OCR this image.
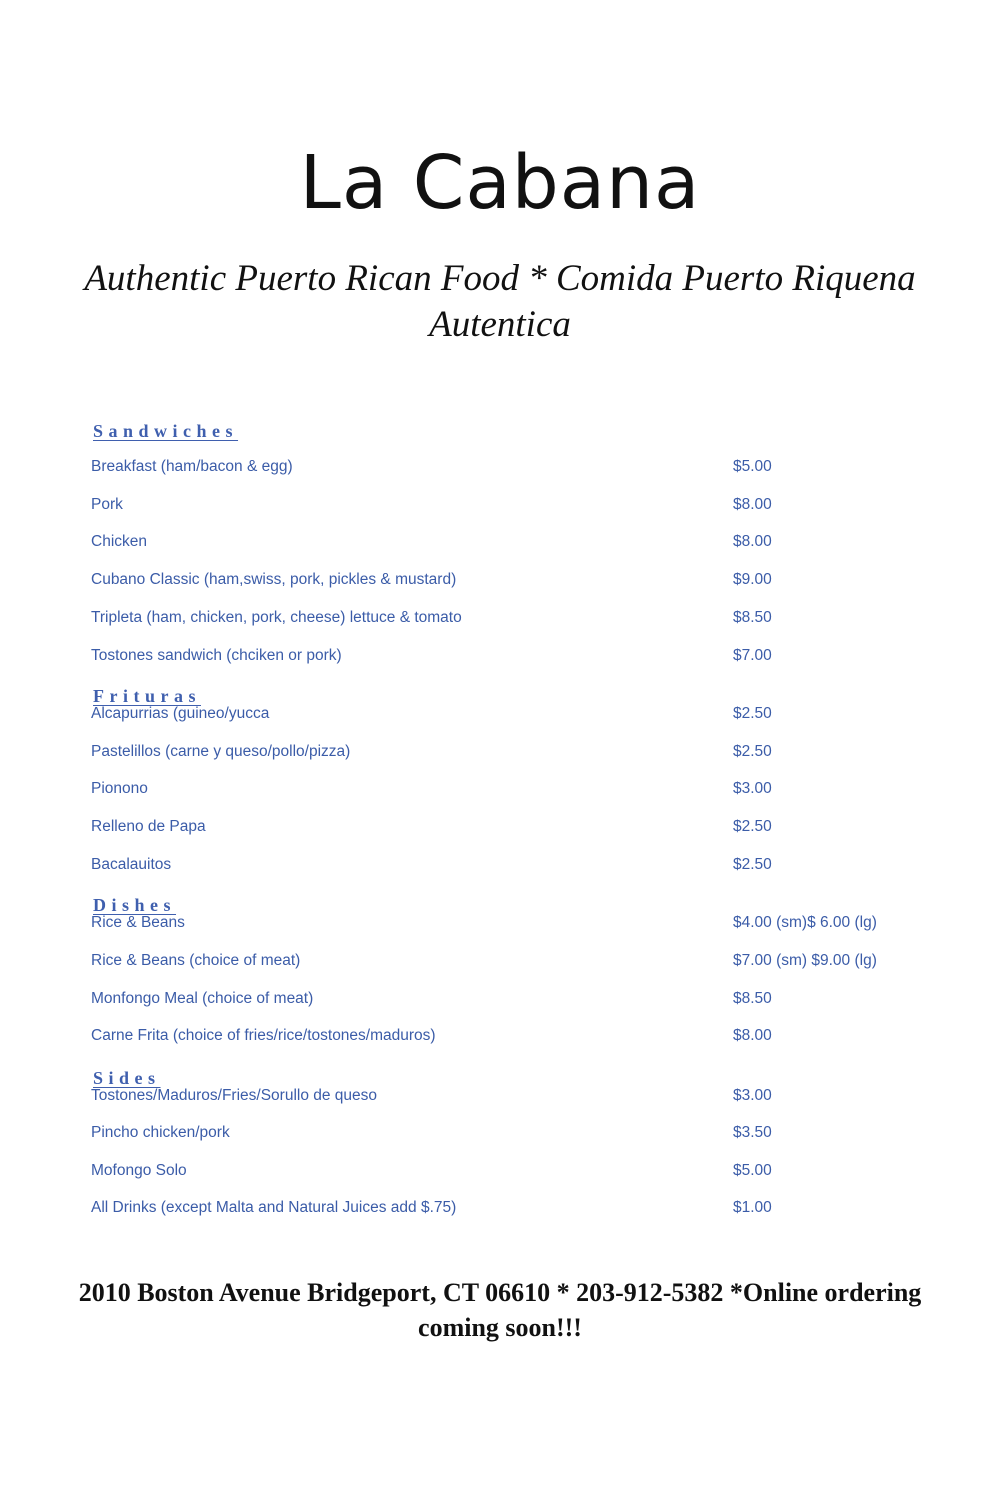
La Cabana
Authentic Puerto Rican Food * Comida Puerto Riquena Autentica
Sandwiches
Breakfast (ham/bacon & egg)	$5.00
Pork	$8.00
Chicken	$8.00
Cubano Classic (ham,swiss, pork, pickles & mustard)	$9.00
Tripleta (ham, chicken, pork, cheese) lettuce & tomato	$8.50
Tostones sandwich (chciken or pork)	$7.00
Frituras
Alcapurrias (guineo/yucca	$2.50
Pastelillos (carne y queso/pollo/pizza)	$2.50
Pionono	$3.00
Relleno de Papa	$2.50
Bacalauitos	$2.50
Dishes
Rice & Beans	$4.00 (sm)$ 6.00 (lg)
Rice & Beans (choice of meat)	$7.00 (sm) $9.00 (lg)
Monfongo Meal (choice of meat)	$8.50
Carne Frita (choice of fries/rice/tostones/maduros)	$8.00
Sides
Tostones/Maduros/Fries/Sorullo de queso	$3.00
Pincho chicken/pork	$3.50
Mofongo Solo	$5.00
All Drinks (except Malta and Natural Juices add $.75)	$1.00
2010 Boston Avenue Bridgeport, CT 06610 * 203-912-5382 *Online ordering coming soon!!!
